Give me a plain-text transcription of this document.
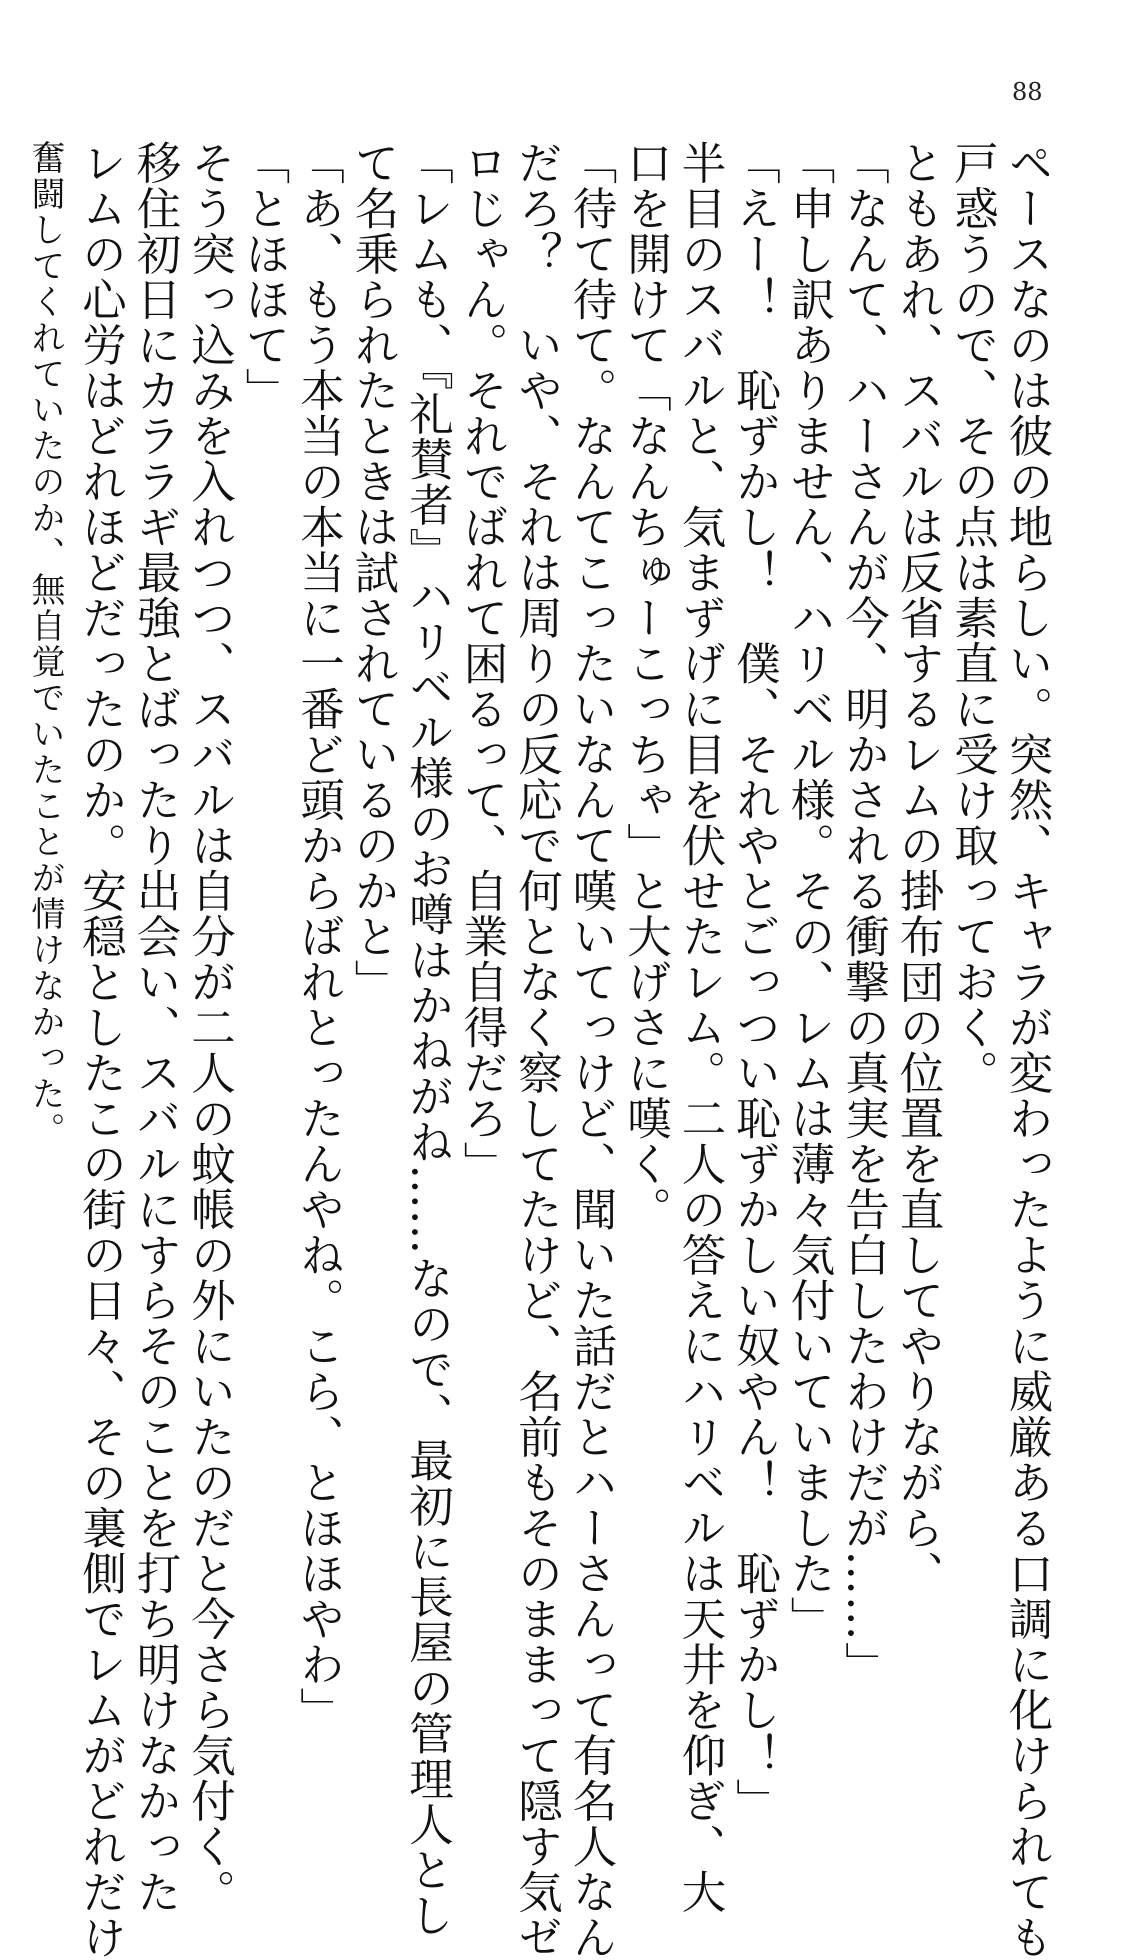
88
ペースなのは彼の地らしい。突然、キャラが変わったように威厳ある口調に化けられても
戸惑うので、その点は素直に受け取っておく。
ともあれ、スバルは反省するレムの掛布団の位置を直してやりながら、
「なんて、ハーさんが今、明かされる衝撃の真実を告白したわけだが……」
「申し訳ありません、ハリベル様。その、レムは薄々気付いていました」
「えー！　恥ずかし！　僕、それやとごっつい恥ずかしい奴やん！　恥ずかし！」
半目のスバルと、気まずげに目を伏せたレム。二人の答えにハリベルは天井を仰ぎ、大
口を開けて「なんちゅーこっちゃ」と大げさに嘆く。
「待て待て。なんてこったいなんて嘆いてっけど、聞いた話だとハーさんって有名人なん
だろ？　いや、それは周りの反応で何となく察してたけど、名前もそのままって隠す気ゼ
ロじゃん。それでばれて困るって、自業自得だろ」
「レムも、『礼賛者』ハリベル様のお噂はかねがね……なので、最初に長屋の管理人とし
て名乗られたときは試されているのかと」
「あ、もう本当の本当に一番ど頭からばれとったんやね。こら、とほほやわ」
「とほほて」
そう突っ込みを入れつつ、スバルは自分が二人の蚊帳の外にいたのだと今さら気付く。
移住初日にカララギ最強とばったり出会い、スバルにすらそのことを打ち明けなかった
レムの心労はどれほどだったのか。安穏としたこの街の日々、その裏側でレムがどれだけ
奮闘してくれていたのか、無自覚でいたことが情けなかった。
